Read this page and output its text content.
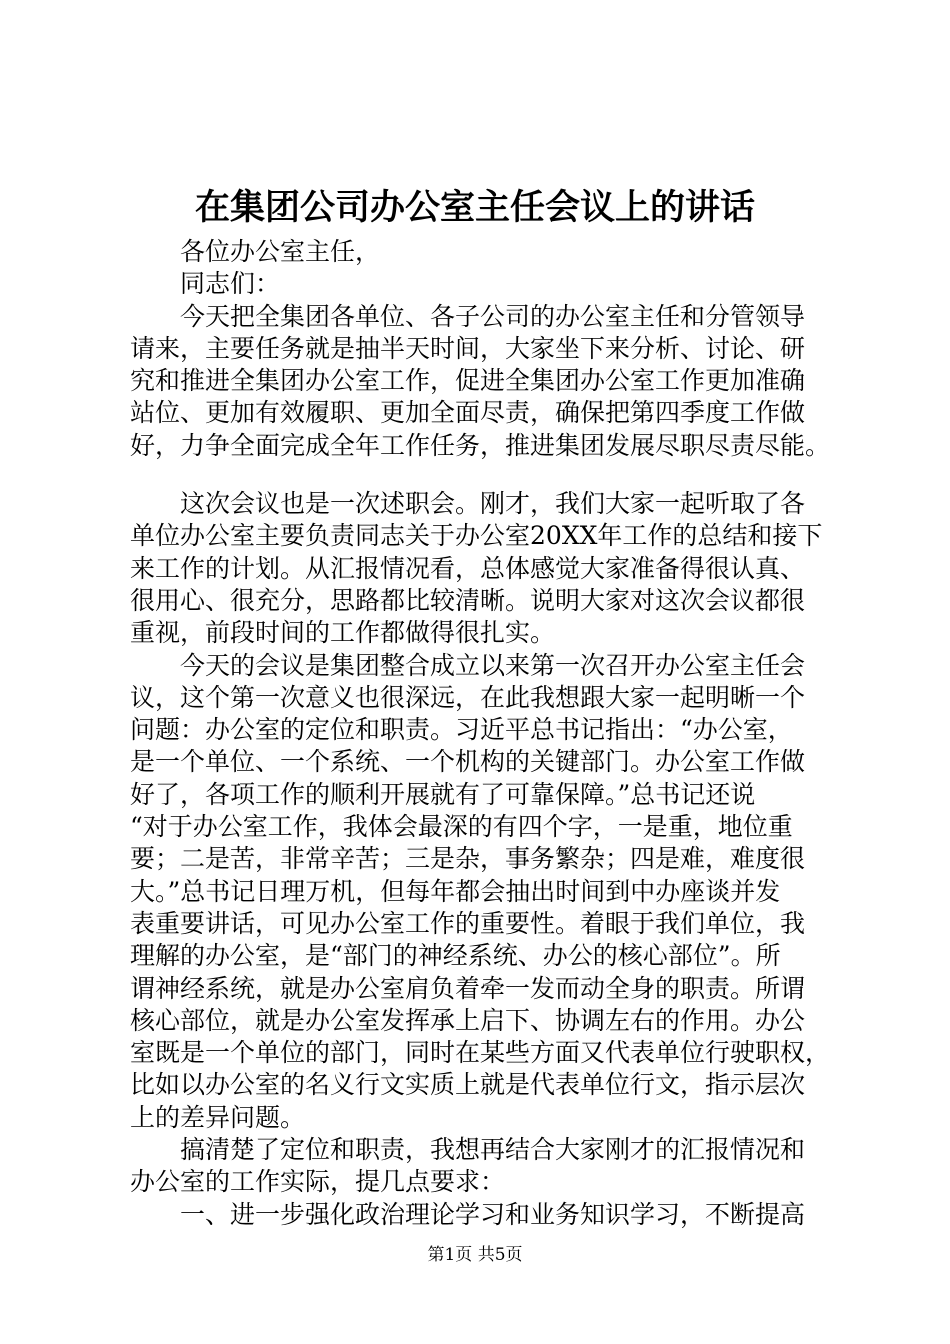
在集团公司办公室主任会议上的讲话
各位办公室主任，
同志们：
今天把全集团各单位、各子公司的办公室主任和分管领导
请来，主要任务就是抽半天时间，大家坐下来分析、讨论、研
究和推进全集团办公室工作，促进全集团办公室工作更加准确
站位、更加有效履职、更加全面尽责，确保把第四季度工作做
好，力争全面完成全年工作任务，推进集团发展尽职尽责尽能。
这次会议也是一次述职会。刚才，我们大家一起听取了各
单位办公室主要负责同志关于办公室20XX年工作的总结和接下
来工作的计划。从汇报情况看，总体感觉大家准备得很认真、
很用心、很充分，思路都比较清晰。说明大家对这次会议都很
重视，前段时间的工作都做得很扎实。
今天的会议是集团整合成立以来第一次召开办公室主任会
议，这个第一次意义也很深远，在此我想跟大家一起明晰一个
问题：办公室的定位和职责。习近平总书记指出：“办公室，
是一个单位、一个系统、一个机构的关键部门。办公室工作做
好了，各项工作的顺利开展就有了可靠保障。”总书记还说
“对于办公室工作，我体会最深的有四个字，一是重，地位重
要；二是苦，非常辛苦；三是杂，事务繁杂；四是难，难度很
大。”总书记日理万机，但每年都会抽出时间到中办座谈并发
表重要讲话，可见办公室工作的重要性。着眼于我们单位，我
理解的办公室，是“部门的神经系统、办公的核心部位”。所
谓神经系统，就是办公室肩负着牵一发而动全身的职责。所谓
核心部位，就是办公室发挥承上启下、协调左右的作用。办公
室既是一个单位的部门，同时在某些方面又代表单位行驶职权，
比如以办公室的名义行文实质上就是代表单位行文，指示层次
上的差异问题。
搞清楚了定位和职责，我想再结合大家刚才的汇报情况和
办公室的工作实际，提几点要求：
一、进一步强化政治理论学习和业务知识学习，不断提高
第1页 共5页
